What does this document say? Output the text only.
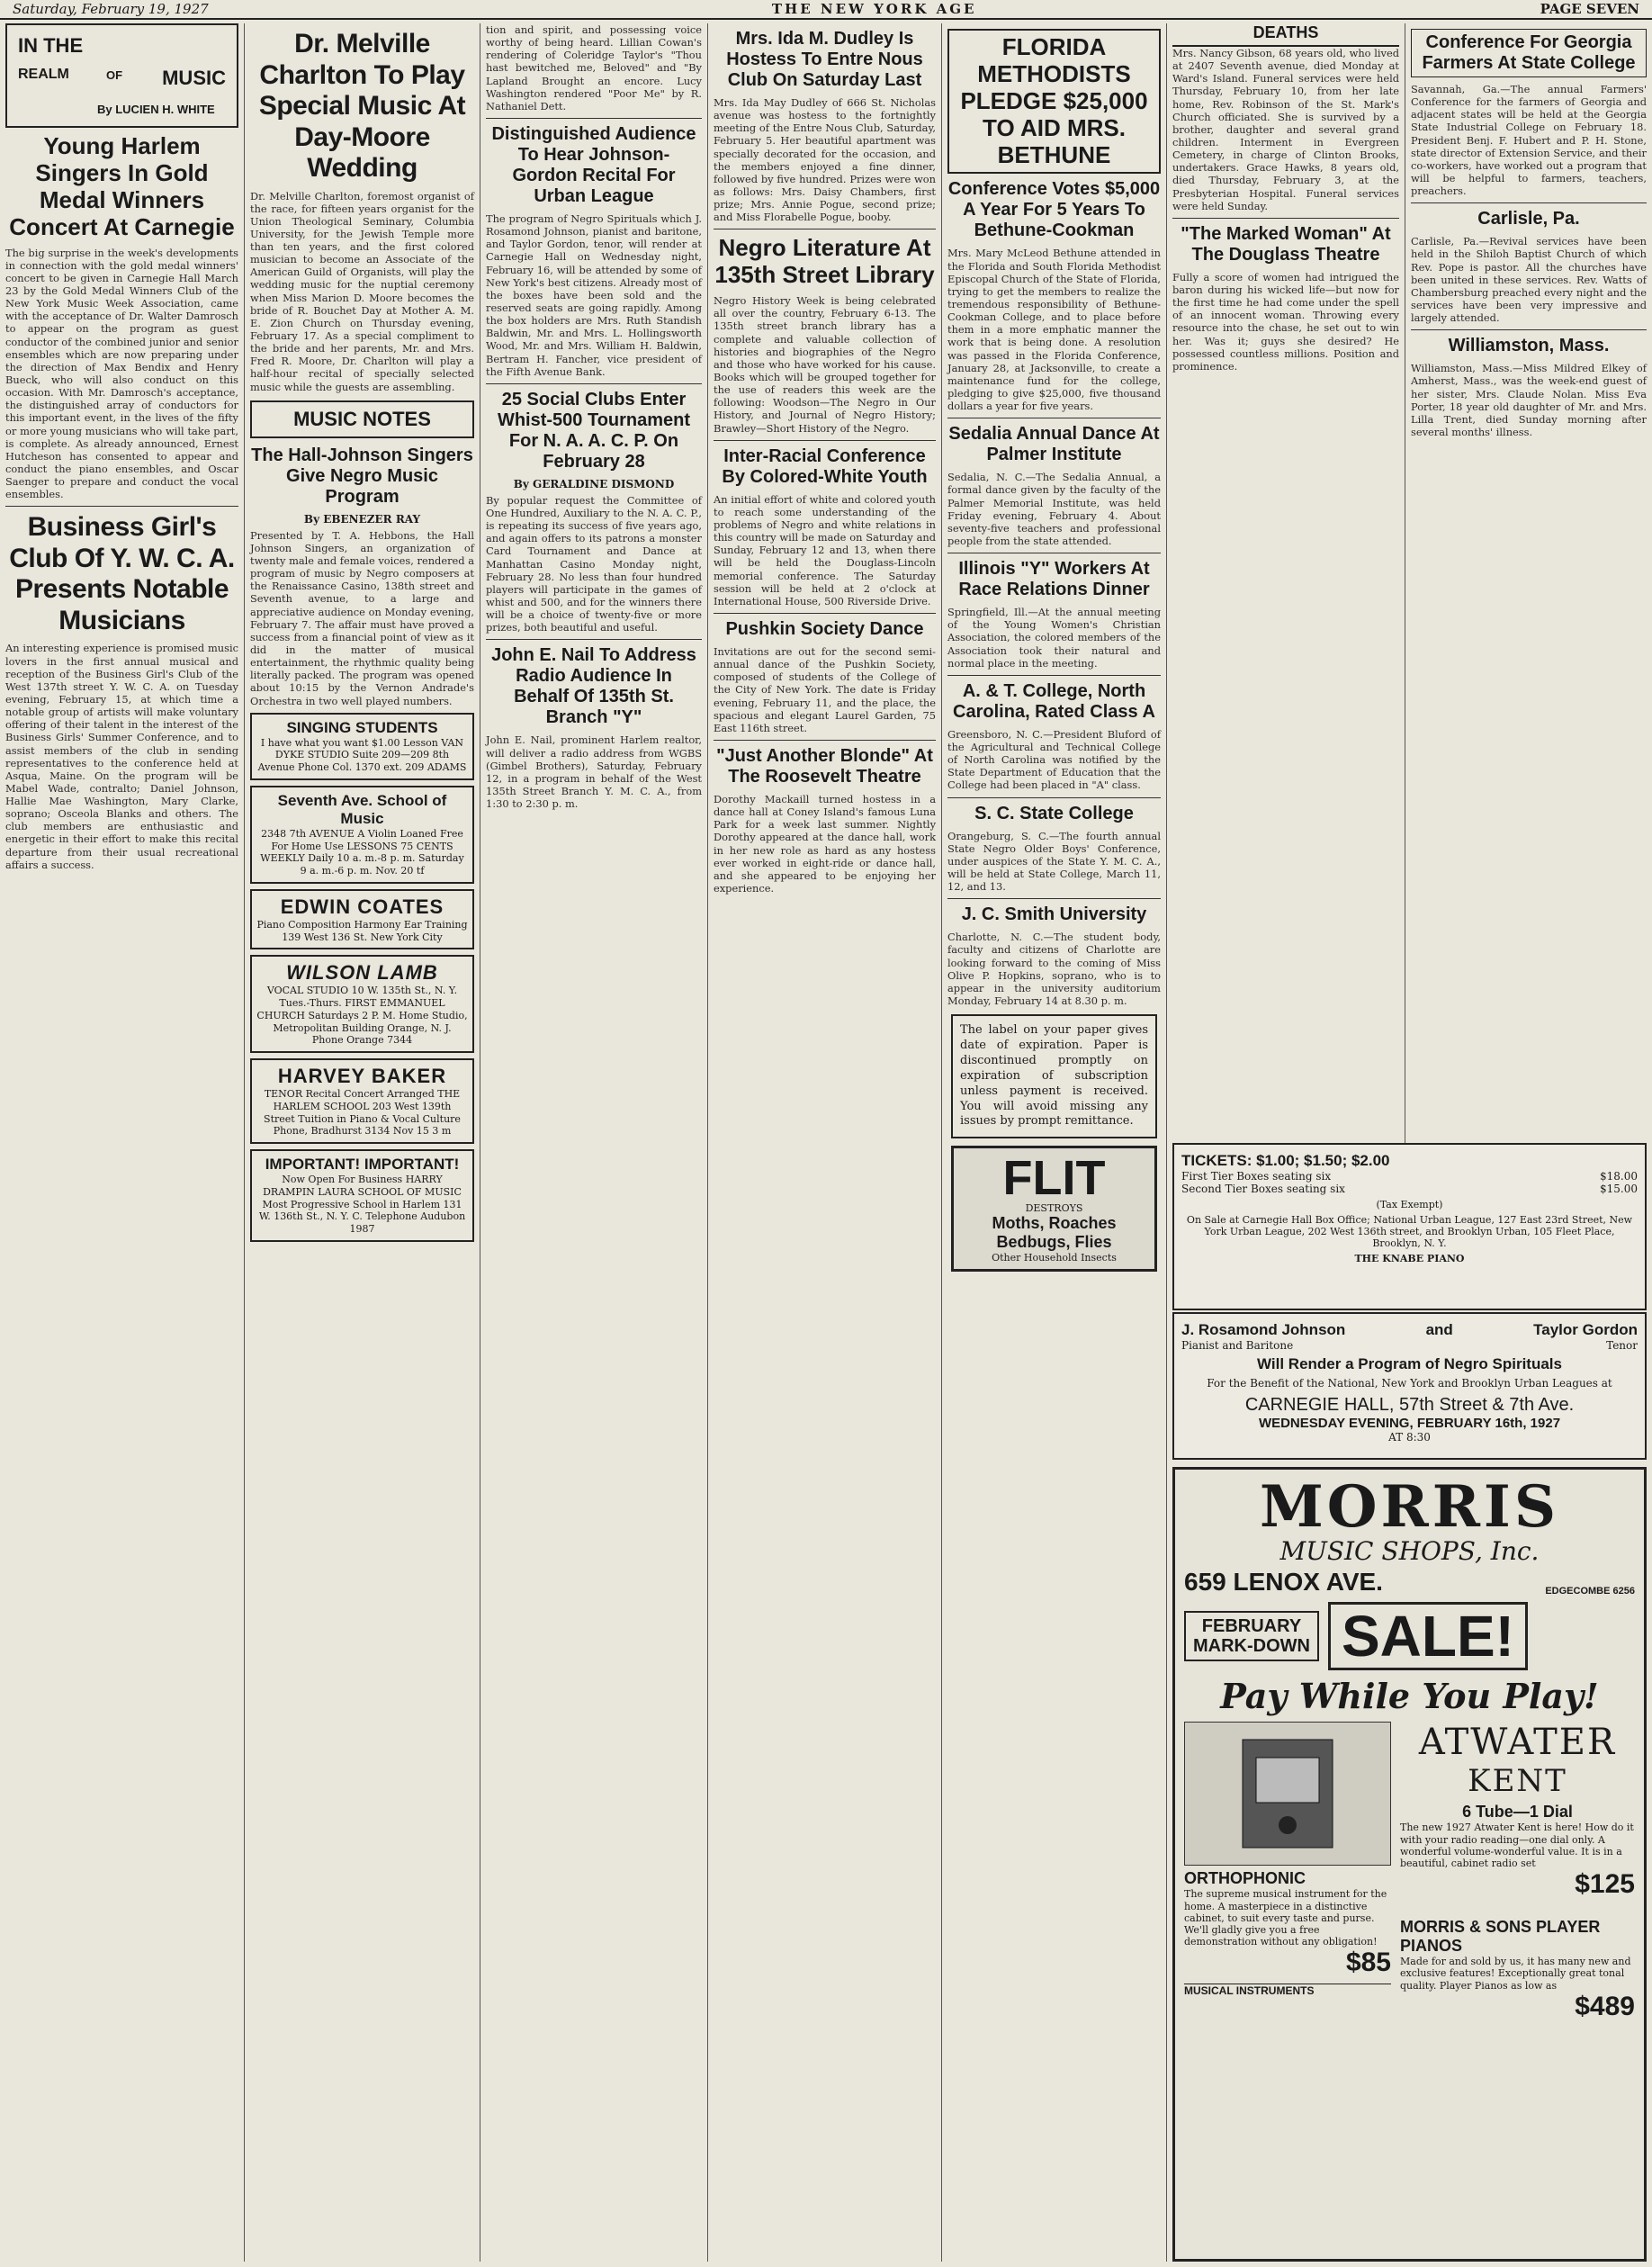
Saturday, February 19, 1927	THE NEW YORK AGE	PAGE SEVEN
IN THE
REALM	OF MUSIC
By LUCIEN H. WHITE
Young Harlem Singers In Gold Medal Winners Concert At Carnegie
The big surprise in the week's developments in connection with the gold medal winners' concert to be given in Carnegie Hall March 23 by the Gold Medal Winners Club of the New York Music Week Association, came with the acceptance of Dr. Walter Damrosch to appear on the program as guest conductor of the combined junior and senior ensembles which are now preparing under the direction of Max Bendix and Henry Bueck, who will also conduct on this occasion. With Mr. Damrosch's acceptance, the distinguished array of conductors for this important event, in the lives of the fifty or more young musicians who will take part, is complete. As already announced, Ernest Hutcheson has consented to appear and conduct the piano ensembles, and Oscar Saenger to prepare and conduct the vocal ensembles.
Business Girl's Club Of Y. W. C. A. Presents Notable Musicians
An interesting experience is promised music lovers in the first annual musical and reception of the Business Girl's Club of the West 137th street Y. W. C. A. on Tuesday evening, February 15, at which time a notable group of artists will make voluntary offering of their talent in the interest of the Business Girls' Summer Conference, and to assist members of the club in sending representatives to the conference held at Asqua, Maine. On the program will be Mabel Wade, contralto; Daniel Johnson, Hallie Mae Washington, Mary Clarke, soprano; Osceola Blanks and others. The club members are enthusiastic and energetic in their effort to make this recital departure from their usual recreational affairs a success.
Dr. Melville Charlton To Play Special Music At Day-Moore Wedding
Dr. Melville Charlton, foremost organist of the race, for fifteen years organist for the Union Theological Seminary, Columbia University, for the Jewish Temple more than ten years, and the first colored musician to become an Associate of the American Guild of Organists, will play the wedding music for the nuptial ceremony when Miss Marion D. Moore becomes the bride of R. Bouchet Day at Mother A. M. E. Zion Church on Thursday evening, February 17. As a special compliment to the bride and her parents, Mr. and Mrs. Fred R. Moore, Dr. Charlton will play a half-hour recital of specially selected music while the guests are assembling.
MUSIC NOTES
The Hall-Johnson Singers Give Negro Music Program
By EBENEZER RAY
Presented by T. A. Hebbons, the Hall Johnson Singers, an organization of twenty male and female voices, rendered a program of music by Negro composers at the Renaissance Casino, 138th street and Seventh avenue, to a large and appreciative audience on Monday evening, February 7. The affair must have proved a success from a financial point of view as it did in the matter of musical entertainment, the rhythmic quality being literally packed. The program was opened about 10:15 by the Vernon Andrade's Orchestra in two well played numbers.
SINGING STUDENTS
I have what you want $1.00 Lesson VAN DYKE STUDIO Suite 209—209 8th Avenue Phone Col. 1370 ext. 209 ADAMS
Seventh Ave. School of Music
2348 7th AVENUE A Violin Loaned Free For Home Use LESSONS 75 CENTS WEEKLY Daily 10 a. m.-8 p. m. Saturday 9 a. m.-6 p. m. Nov. 20 tf
EDWIN COATES
Piano Composition Harmony Ear Training 139 West 136 St. New York City
WILSON LAMB
VOCAL STUDIO 10 W. 135th St., N. Y. Tues.-Thurs. FIRST EMMANUEL CHURCH Saturdays 2 P. M. Home Studio, Metropolitan Building Orange, N. J. Phone Orange 7344
HARVEY BAKER
TENOR Recital Concert Arranged THE HARLEM SCHOOL 203 West 139th Street Tuition in Piano & Vocal Culture Phone, Bradhurst 3134 Nov 15 3 m
IMPORTANT! IMPORTANT!
Now Open For Business HARRY DRAMPIN LAURA SCHOOL OF MUSIC Most Progressive School in Harlem 131 W. 136th St., N. Y. C. Telephone Audubon 1987
tion and spirit, and possessing voice worthy of being heard. Lillian Cowan's rendering of Coleridge Taylor's "Thou hast bewitched me, Beloved" and "By Lapland Brought an encore. Lucy Washington rendered "Poor Me" by R. Nathaniel Dett.
Distinguished Audience To Hear Johnson-Gordon Recital For Urban League
The program of Negro Spirituals which J. Rosamond Johnson, pianist and baritone, and Taylor Gordon, tenor, will render at Carnegie Hall on Wednesday night, February 16, will be attended by some of New York's best citizens. Already most of the boxes have been sold and the reserved seats are going rapidly. Among the box holders are Mrs. Ruth Standish Baldwin, Mr. and Mrs. L. Hollingsworth Wood, Mr. and Mrs. William H. Baldwin, Bertram H. Fancher, vice president of the Fifth Avenue Bank.
25 Social Clubs Enter Whist-500 Tournament For N. A. A. C. P. On February 28
By GERALDINE DISMOND
By popular request the Committee of One Hundred, Auxiliary to the N. A. C. P., is repeating its success of five years ago, and again offers to its patrons a monster Card Tournament and Dance at Manhattan Casino Monday night, February 28. No less than four hundred players will participate in the games of whist and 500, and for the winners there will be a choice of twenty-five or more prizes, both beautiful and useful.
John E. Nail To Address Radio Audience In Behalf Of 135th St. Branch "Y"
John E. Nail, prominent Harlem realtor, will deliver a radio address from WGBS (Gimbel Brothers), Saturday, February 12, in a program in behalf of the West 135th Street Branch Y. M. C. A., from 1:30 to 2:30 p. m.
Mrs. Ida M. Dudley Is Hostess To Entre Nous Club On Saturday Last
Mrs. Ida May Dudley of 666 St. Nicholas avenue was hostess to the fortnightly meeting of the Entre Nous Club, Saturday, February 5. Her beautiful apartment was specially decorated for the occasion, and the members enjoyed a fine dinner, followed by five hundred. Prizes were won as follows: Mrs. Daisy Chambers, first prize; Mrs. Annie Pogue, second prize; and Miss Florabelle Pogue, booby.
Negro Literature At 135th Street Library
Negro History Week is being celebrated all over the country, February 6-13. The 135th street branch library has a complete and valuable collection of histories and biographies of the Negro and those who have worked for his cause. Books which will be grouped together for the use of readers this week are the following: Woodson—The Negro in Our History, and Journal of Negro History; Brawley—Short History of the Negro.
Inter-Racial Conference By Colored-White Youth
An initial effort of white and colored youth to reach some understanding of the problems of Negro and white relations in this country will be made on Saturday and Sunday, February 12 and 13, when there will be held the Douglass-Lincoln memorial conference. The Saturday session will be held at 2 o'clock at International House, 500 Riverside Drive.
Pushkin Society Dance
Invitations are out for the second semi-annual dance of the Pushkin Society, composed of students of the College of the City of New York. The date is Friday evening, February 11, and the place, the spacious and elegant Laurel Garden, 75 East 116th street.
"Just Another Blonde" At The Roosevelt Theatre
Dorothy Mackaill turned hostess in a dance hall at Coney Island's famous Luna Park for a week last summer. Nightly Dorothy appeared at the dance hall, work in her new role as hard as any hostess ever worked in eight-ride or dance hall, and she appeared to be enjoying her experience.
FLORIDA METHODISTS PLEDGE $25,000 TO AID MRS. BETHUNE
Conference Votes $5,000 A Year For 5 Years To Bethune-Cookman
Mrs. Mary McLeod Bethune attended in the Florida and South Florida Methodist Episcopal Church of the State of Florida, trying to get the members to realize the tremendous responsibility of Bethune-Cookman College, and to place before them in a more emphatic manner the work that is being done. A resolution was passed in the Florida Conference, January 28, at Jacksonville, to create a maintenance fund for the college, pledging to give $25,000, five thousand dollars a year for five years.
Sedalia Annual Dance At Palmer Institute
Sedalia, N. C.—The Sedalia Annual, a formal dance given by the faculty of the Palmer Memorial Institute, was held Friday evening, February 4. About seventy-five teachers and professional people from the state attended.
Illinois "Y" Workers At Race Relations Dinner
Springfield, Ill.—At the annual meeting of the Young Women's Christian Association, the colored members of the Association took their natural and normal place in the meeting.
A. & T. College, North Carolina, Rated Class A
Greensboro, N. C.—President Bluford of the Agricultural and Technical College of North Carolina was notified by the State Department of Education that the College had been placed in "A" class.
S. C. State College
Orangeburg, S. C.—The fourth annual State Negro Older Boys' Conference, under auspices of the State Y. M. C. A., will be held at State College, March 11, 12, and 13.
J. C. Smith University
Charlotte, N. C.—The student body, faculty and citizens of Charlotte are looking forward to the coming of Miss Olive P. Hopkins, soprano, who is to appear in the university auditorium Monday, February 14 at 8.30 p. m.
The label on your paper gives date of expiration. Paper is discontinued promptly on expiration of subscription unless payment is received. You will avoid missing any issues by prompt remittance.
FLIT
DESTROYS
Moths, Roaches Bedbugs, Flies
Other Household Insects
DEATHS
Mrs. Nancy Gibson, 68 years old, who lived at 2407 Seventh avenue, died Monday at Ward's Island. Funeral services were held Thursday, February 10, from her late home, Rev. Robinson of the St. Mark's Church officiated. She is survived by a brother, daughter and several grand children. Interment in Evergreen Cemetery, in charge of Clinton Brooks, undertakers. Grace Hawks, 8 years old, died Thursday, February 3, at the Presbyterian Hospital. Funeral services were held Sunday.
"The Marked Woman" At The Douglass Theatre
Fully a score of women had intrigued the baron during his wicked life—but now for the first time he had come under the spell of an innocent woman. Throwing every resource into the chase, he set out to win her. Was it; guys she desired? He possessed countless millions. Position and prominence.
Conference For Georgia Farmers At State College
Savannah, Ga.—The annual Farmers' Conference for the farmers of Georgia and adjacent states will be held at the Georgia State Industrial College on February 18. President Benj. F. Hubert and P. H. Stone, state director of Extension Service, and their co-workers, have worked out a program that will be helpful to farmers, teachers, preachers.
Carlisle, Pa.
Carlisle, Pa.—Revival services have been held in the Shiloh Baptist Church of which Rev. Pope is pastor. All the churches have been united in these services. Rev. Watts of Chambersburg preached every night and the services have been very impressive and largely attended.
Williamston, Mass.
Williamston, Mass.—Miss Mildred Elkey of Amherst, Mass., was the week-end guest of her sister, Mrs. Claude Nolan. Miss Eva Porter, 18 year old daughter of Mr. and Mrs. Lilla Trent, died Sunday morning after several months' illness.
J. Rosamond Johnson	and	Taylor Gordon
Pianist and Baritone	Tenor
Will Render a Program of Negro Spirituals
For the Benefit of the National, New York and Brooklyn Urban Leagues at
CARNEGIE HALL, 57th Street & 7th Ave.
WEDNESDAY EVENING, FEBRUARY 16th, 1927
AT 8:30
TICKETS: $1.00; $1.50; $2.00
First Tier Boxes seating six	$18.00
Second Tier Boxes seating six	$15.00
(Tax Exempt)
On Sale at Carnegie Hall Box Office; National Urban League, 127 East 23rd Street, New York Urban League, 202 West 136th street, and Brooklyn Urban, 105 Fleet Place, Brooklyn, N. Y.
THE KNABE PIANO
MORRIS
MUSIC SHOPS, Inc.
659 LENOX AVE.	EDGECOMBE 6256
FEBRUARY
MARK-DOWN SALE!
Pay While You Play!
ORTHOPHONIC
The supreme musical instrument for the home. A masterpiece in a distinctive cabinet, to suit every taste and purse. We'll gladly give you a free demonstration without any obligation!
$85
MUSICAL INSTRUMENTS
ATWATER
KENT
6 Tube—1 Dial
The new 1927 Atwater Kent is here! How do it with your radio reading—one dial only. A wonderful volume-wonderful value. It is in a beautiful, cabinet radio set
$125
MORRIS & SONS PLAYER PIANOS
Made for and sold by us, it has many new and exclusive features! Exceptionally great tonal quality. Player Pianos as low as
$489
